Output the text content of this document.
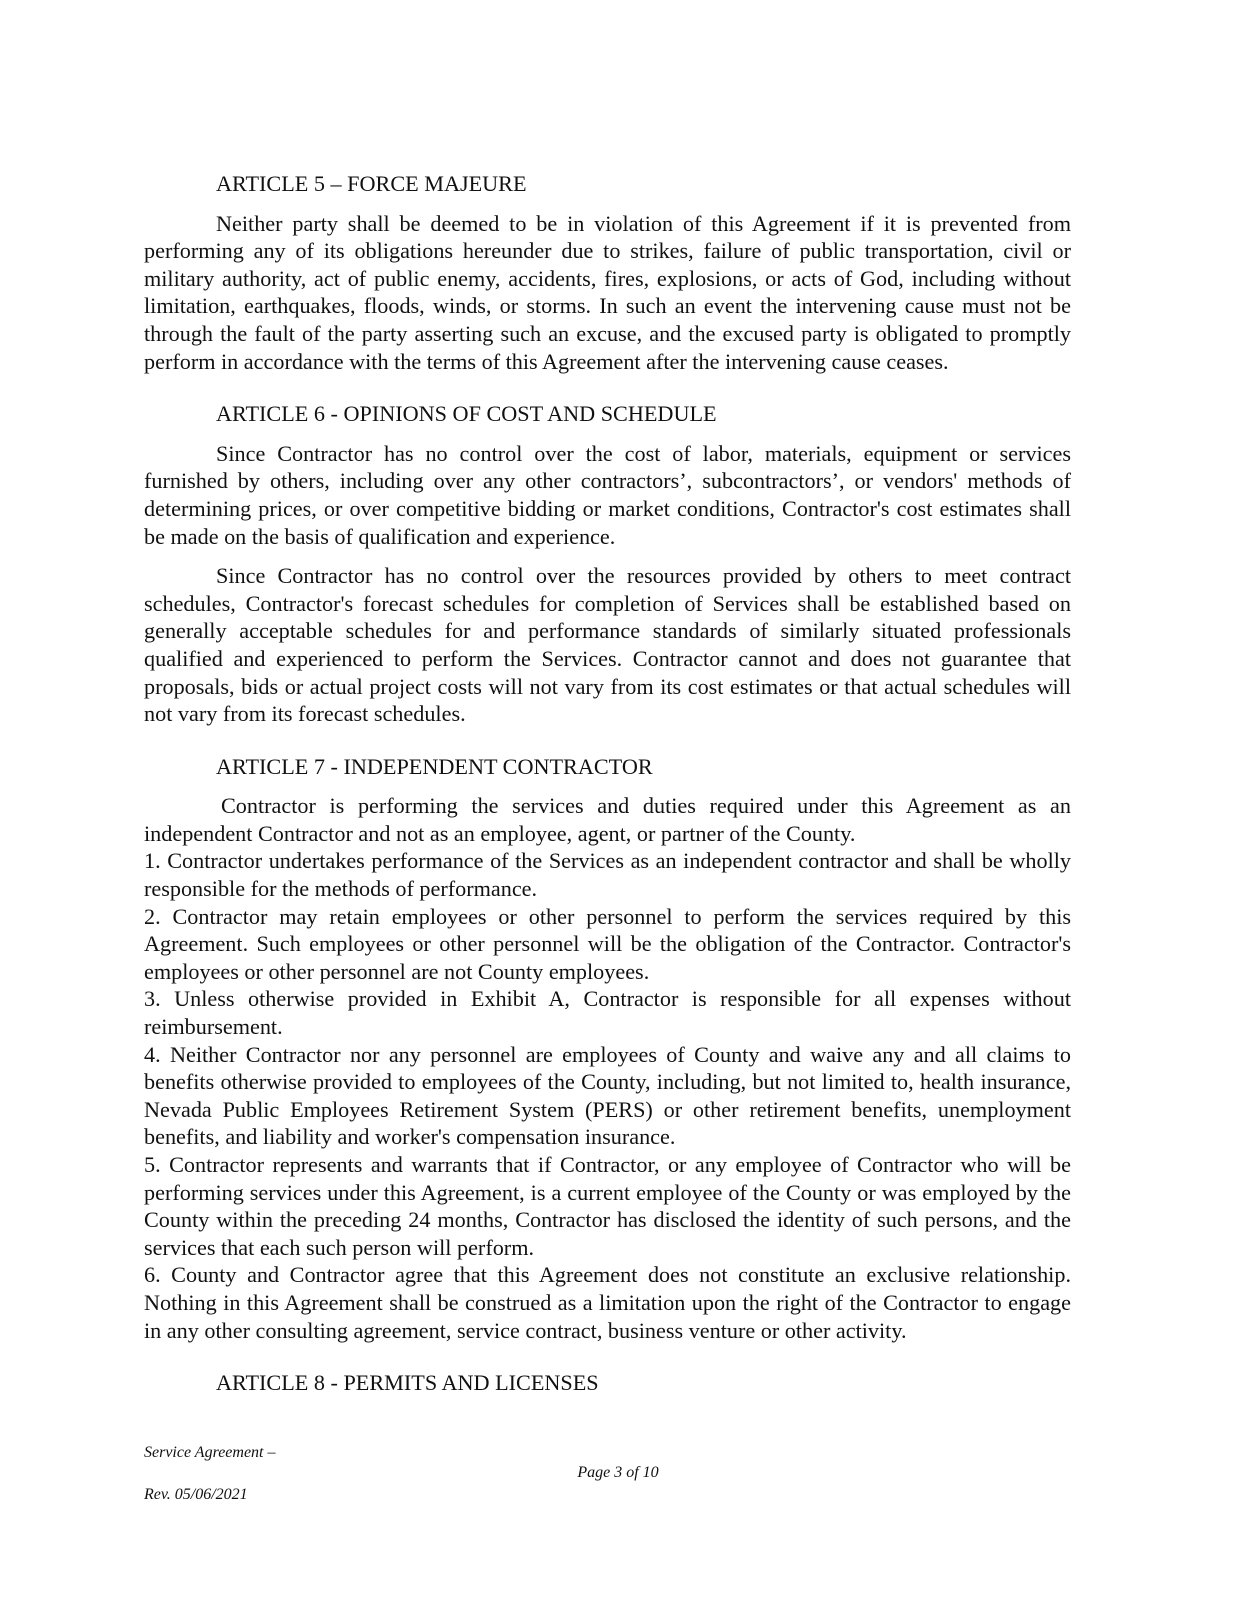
ARTICLE 5 – FORCE MAJEURE

Neither party shall be deemed to be in violation of this Agreement if it is prevented from performing any of its obligations hereunder due to strikes, failure of public transportation, civil or military authority, act of public enemy, accidents, fires, explosions, or acts of God, including without limitation, earthquakes, floods, winds, or storms. In such an event the intervening cause must not be through the fault of the party asserting such an excuse, and the excused party is obligated to promptly perform in accordance with the terms of this Agreement after the intervening cause ceases.

ARTICLE 6 - OPINIONS OF COST AND SCHEDULE

Since Contractor has no control over the cost of labor, materials, equipment or services furnished by others, including over any other contractors’, subcontractors’, or vendors' methods of determining prices, or over competitive bidding or market conditions, Contractor's cost estimates shall be made on the basis of qualification and experience.

Since Contractor has no control over the resources provided by others to meet contract schedules, Contractor's forecast schedules for completion of Services shall be established based on generally acceptable schedules for and performance standards of similarly situated professionals qualified and experienced to perform the Services. Contractor cannot and does not guarantee that proposals, bids or actual project costs will not vary from its cost estimates or that actual schedules will not vary from its forecast schedules.

ARTICLE 7 - INDEPENDENT CONTRACTOR

Contractor is performing the services and duties required under this Agreement as an independent Contractor and not as an employee, agent, or partner of the County.

1. Contractor undertakes performance of the Services as an independent contractor and shall be wholly responsible for the methods of performance.

2. Contractor may retain employees or other personnel to perform the services required by this Agreement. Such employees or other personnel will be the obligation of the Contractor. Contractor's employees or other personnel are not County employees.

3. Unless otherwise provided in Exhibit A, Contractor is responsible for all expenses without reimbursement.

4. Neither Contractor nor any personnel are employees of County and waive any and all claims to benefits otherwise provided to employees of the County, including, but not limited to, health insurance, Nevada Public Employees Retirement System (PERS) or other retirement benefits, unemployment benefits, and liability and worker's compensation insurance.

5. Contractor represents and warrants that if Contractor, or any employee of Contractor who will be performing services under this Agreement, is a current employee of the County or was employed by the County within the preceding 24 months, Contractor has disclosed the identity of such persons, and the services that each such person will perform.

6. County and Contractor agree that this Agreement does not constitute an exclusive relationship. Nothing in this Agreement shall be construed as a limitation upon the right of the Contractor to engage in any other consulting agreement, service contract, business venture or other activity.

ARTICLE 8 - PERMITS AND LICENSES
Service Agreement –
Page 3 of 10
Rev. 05/06/2021
